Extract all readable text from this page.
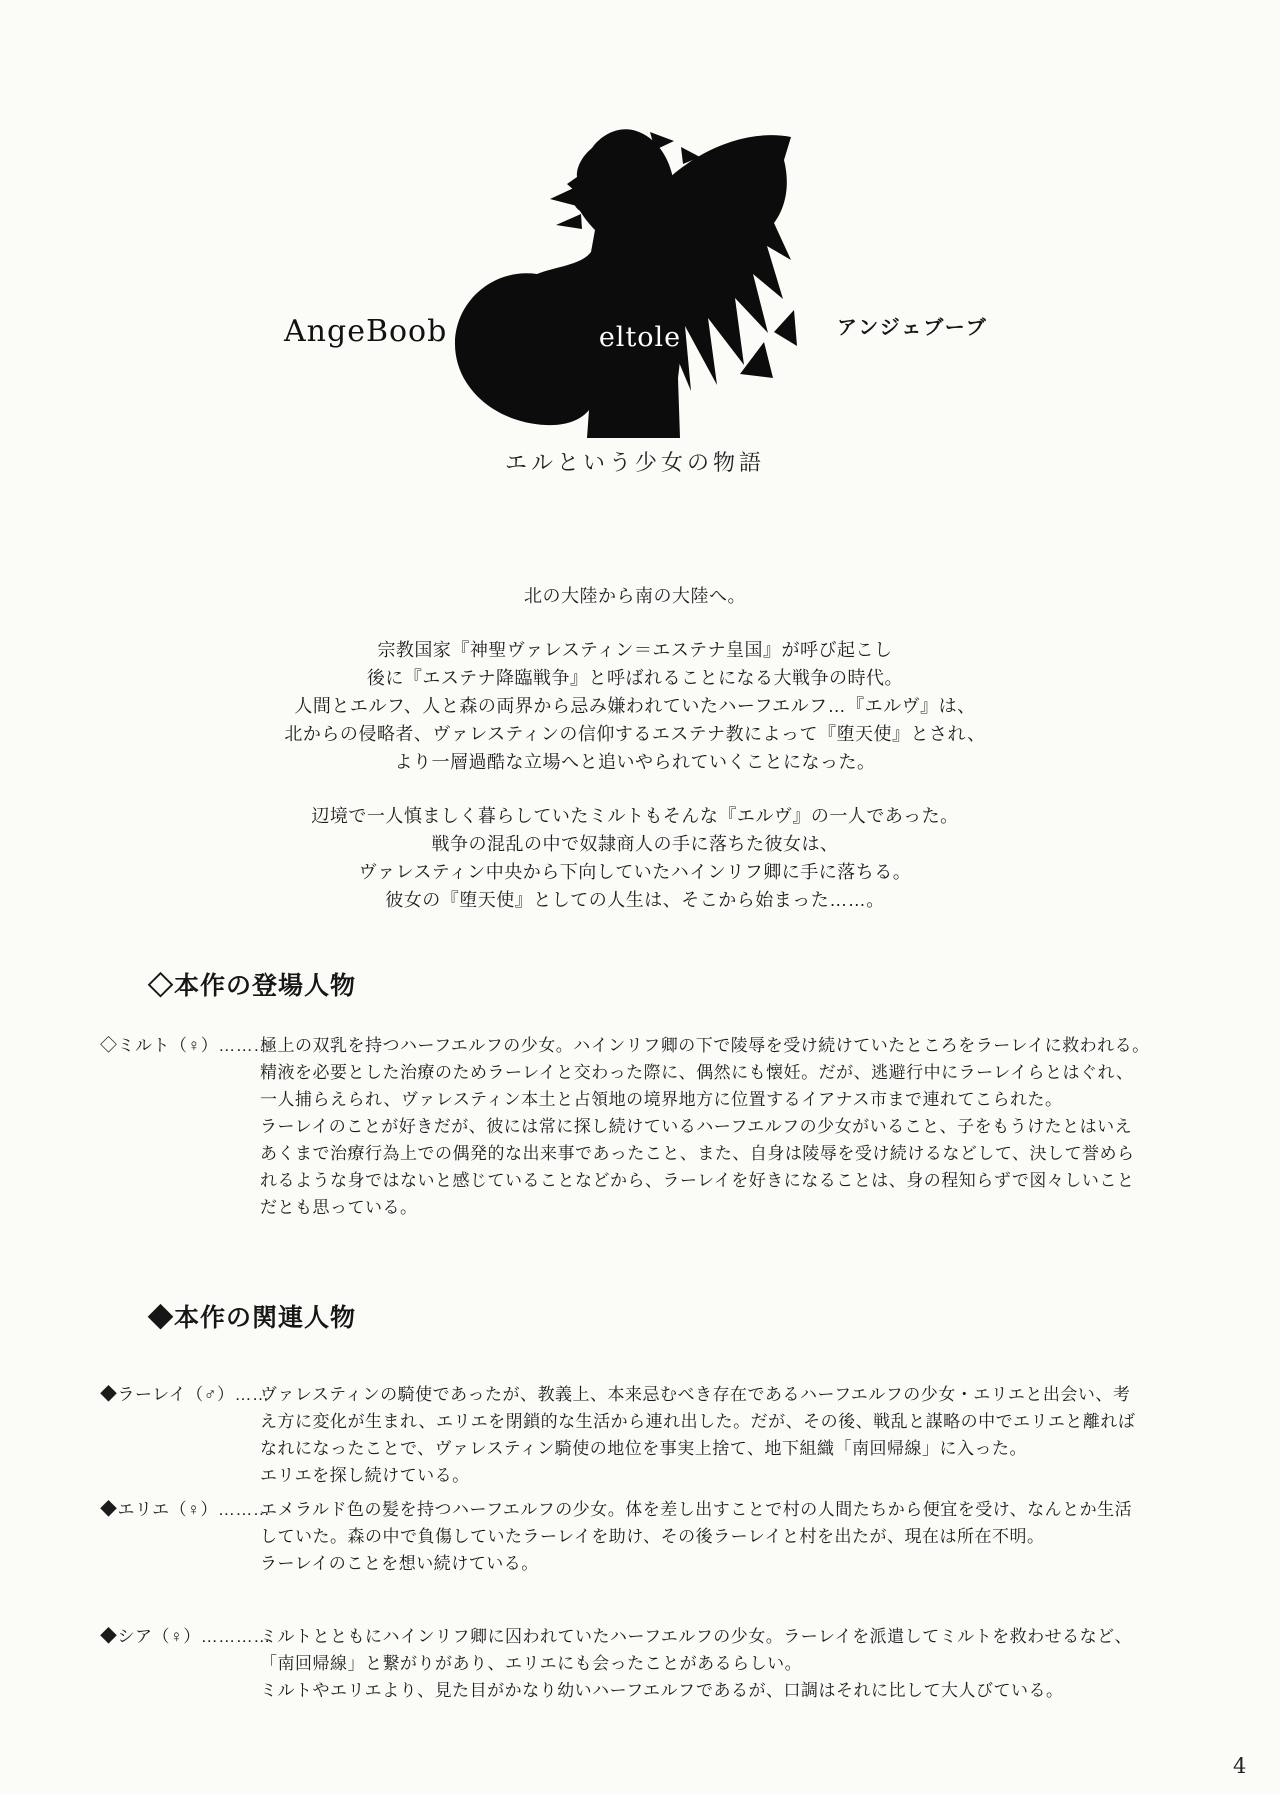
AngeBoob	eltole	アンジェブーブ
エルという少女の物語
北の大陸から南の大陸へ。
宗教国家『神聖ヴァレスティン＝エステナ皇国』が呼び起こし
後に『エステナ降臨戦争』と呼ばれることになる大戦争の時代。
人間とエルフ、人と森の両界から忌み嫌われていたハーフエルフ…『エルヴ』は、
北からの侵略者、ヴァレスティンの信仰するエステナ教によって『堕天使』とされ、
より一層過酷な立場へと追いやられていくことになった。
辺境で一人慎ましく暮らしていたミルトもそんな『エルヴ』の一人であった。
戦争の混乱の中で奴隷商人の手に落ちた彼女は、
ヴァレスティン中央から下向していたハインリフ卿に手に落ちる。
彼女の『堕天使』としての人生は、そこから始まった……。
◇本作の登場人物
◇ミルト（♀）………
極上の双乳を持つハーフエルフの少女。ハインリフ卿の下で陵辱を受け続けていたところをラーレイに救われる。
精液を必要とした治療のためラーレイと交わった際に、偶然にも懐妊。だが、逃避行中にラーレイらとはぐれ、
一人捕らえられ、ヴァレスティン本土と占領地の境界地方に位置するイアナス市まで連れてこられた。
ラーレイのことが好きだが、彼には常に探し続けているハーフエルフの少女がいること、子をもうけたとはいえ
あくまで治療行為上での偶発的な出来事であったこと、また、自身は陵辱を受け続けるなどして、決して誉めら
れるような身ではないと感じていることなどから、ラーレイを好きになることは、身の程知らずで図々しいこと
だとも思っている。
◆本作の関連人物
◆ラーレイ（♂）……
ヴァレスティンの騎使であったが、教義上、本来忌むべき存在であるハーフエルフの少女・エリエと出会い、考
え方に変化が生まれ、エリエを閉鎖的な生活から連れ出した。だが、その後、戦乱と謀略の中でエリエと離れば
なれになったことで、ヴァレスティン騎使の地位を事実上捨て、地下組織「南回帰線」に入った。
エリエを探し続けている。
◆エリエ（♀）………
エメラルド色の髪を持つハーフエルフの少女。体を差し出すことで村の人間たちから便宜を受け、なんとか生活
していた。森の中で負傷していたラーレイを助け、その後ラーレイと村を出たが、現在は所在不明。
ラーレイのことを想い続けている。
◆シア（♀）…………
ミルトとともにハインリフ卿に囚われていたハーフエルフの少女。ラーレイを派遣してミルトを救わせるなど、
「南回帰線」と繋がりがあり、エリエにも会ったことがあるらしい。
ミルトやエリエより、見た目がかなり幼いハーフエルフであるが、口調はそれに比して大人びている。
4
